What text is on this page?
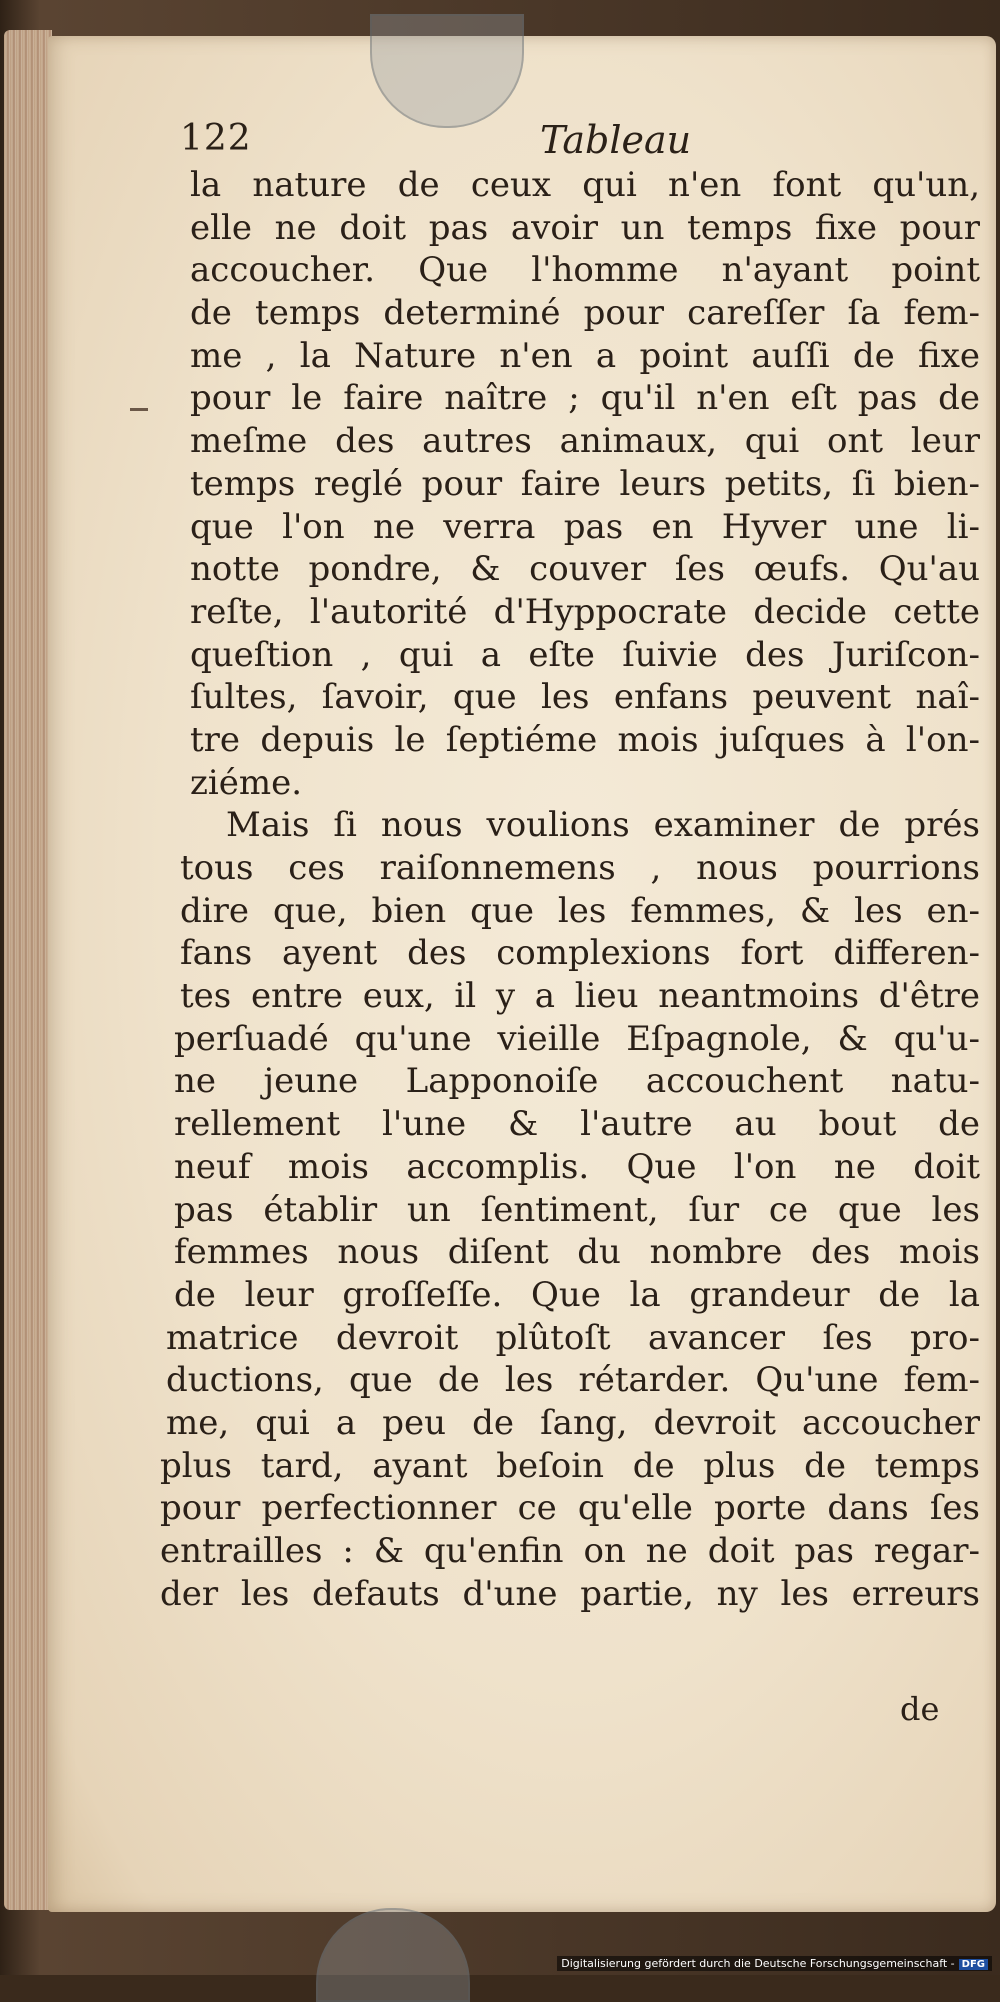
122	Tableau
la nature de ceux qui n'en font qu'un,
elle ne doit pas avoir un temps fixe pour
accoucher. Que l'homme n'ayant point
de temps determiné pour careſſer ſa fem-
me , la Nature n'en a point auſſi de fixe
pour le faire naître ; qu'il n'en eſt pas de
meſme des autres animaux, qui ont leur
temps reglé pour faire leurs petits, ſi bien-
que l'on ne verra pas en Hyver une li-
notte pondre, & couver ſes œufs. Qu'au
reſte, l'autorité d'Hyppocrate decide cette
queſtion , qui a eſte ſuivie des Juriſcon-
ſultes, ſavoir, que les enfans peuvent naî-
tre depuis le ſeptiéme mois juſques à l'on-
ziéme.
Mais ſi nous voulions examiner de prés
tous ces raiſonnemens , nous pourrions
dire que, bien que les femmes, & les en-
fans ayent des complexions fort differen-
tes entre eux, il y a lieu neantmoins d'être
perſuadé qu'une vieille Eſpagnole, & qu'u-
ne jeune Lapponoiſe accouchent natu-
rellement l'une & l'autre au bout de
neuf mois accomplis. Que l'on ne doit
pas établir un ſentiment, ſur ce que les
femmes nous diſent du nombre des mois
de leur groſſeſſe. Que la grandeur de la
matrice devroit plûtoſt avancer ſes pro-
ductions, que de les rétarder. Qu'une fem-
me, qui a peu de ſang, devroit accoucher
plus tard, ayant beſoin de plus de temps
pour perfectionner ce qu'elle porte dans ſes
entrailles : & qu'enfin on ne doit pas regar-
der les defauts d'une partie, ny les erreurs
de
Digitalisierung gefördert durch die Deutsche Forschungsgemeinschaft - DFG
